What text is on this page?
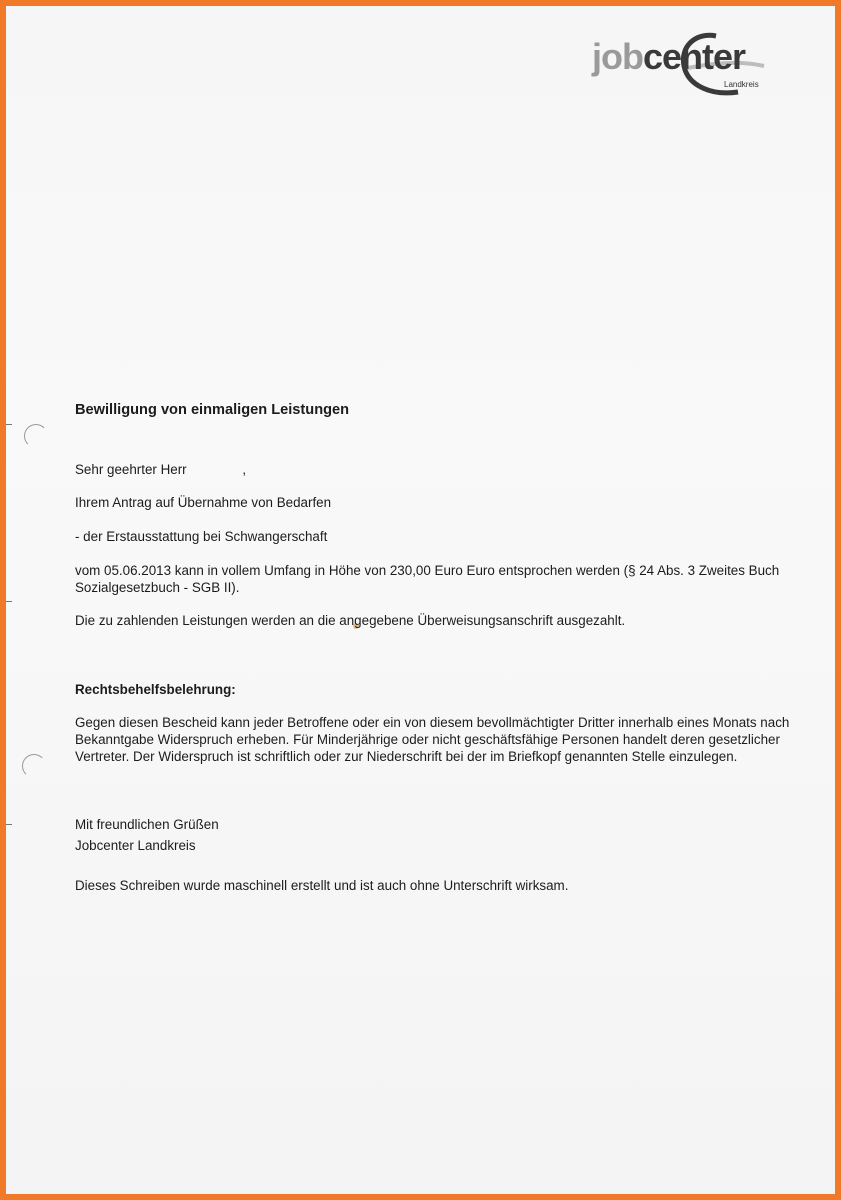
jobcenter
Landkreis

Bewilligung von einmaligen Leistungen

Sehr geehrter Herr	,

Ihrem Antrag auf Übernahme von Bedarfen

- der Erstausstattung bei Schwangerschaft

vom 05.06.2013 kann in vollem Umfang in Höhe von 230,00 Euro Euro entsprochen werden (§ 24 Abs. 3 Zweites Buch Sozialgesetzbuch - SGB II).

Die zu zahlenden Leistungen werden an die angegebene Überweisungsanschrift ausgezahlt.

Rechtsbehelfsbelehrung:

Gegen diesen Bescheid kann jeder Betroffene oder ein von diesem bevollmächtigter Dritter innerhalb eines Monats nach Bekanntgabe Widerspruch erheben. Für Minderjährige oder nicht geschäftsfähige Personen handelt deren gesetzlicher Vertreter. Der Widerspruch ist schriftlich oder zur Niederschrift bei der im Briefkopf genannten Stelle einzulegen.

Mit freundlichen Grüßen

Jobcenter Landkreis

Dieses Schreiben wurde maschinell erstellt und ist auch ohne Unterschrift wirksam.
